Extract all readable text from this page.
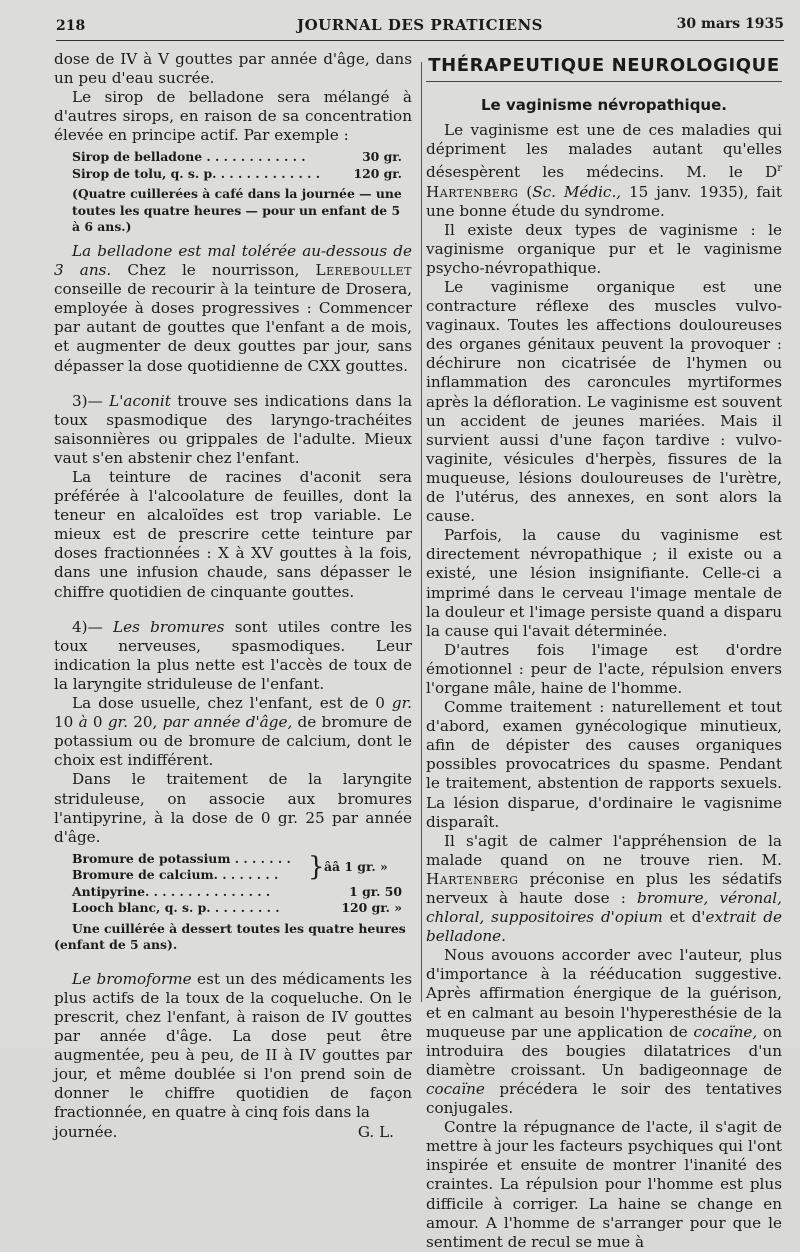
218	JOURNAL DES PRATICIENS	30 mars 1935

dose de IV à V gouttes par année d'âge, dans un peu d'eau sucrée.

Le sirop de belladone sera mélangé à d'autres sirops, en raison de sa concentration élevée en principe actif. Par exemple :

Sirop de belladone . . . . . . . . . . . .	30 gr.
Sirop de tolu, q. s. p. . . . . . . . . . . . .	120 gr.

(Quatre cuillerées à café dans la journée — une toutes les quatre heures — pour un enfant de 5 à 6 ans.)

La belladone est mal tolérée au-dessous de 3 ans. Chez le nourrisson, Lereboullet conseille de recourir à la teinture de Drosera, employée à doses progressives : Commencer par autant de gouttes que l'enfant a de mois, et augmenter de deux gouttes par jour, sans dépasser la dose quotidienne de CXX gouttes.

3)— L'aconit trouve ses indications dans la toux spasmodique des laryngo-trachéites saisonnières ou grippales de l'adulte. Mieux vaut s'en abstenir chez l'enfant.

La teinture de racines d'aconit sera préférée à l'alcoolature de feuilles, dont la teneur en alcaloïdes est trop variable. Le mieux est de prescrire cette teinture par doses fractionnées : X à XV gouttes à la fois, dans une infusion chaude, sans dépasser le chiffre quotidien de cinquante gouttes.

4)— Les bromures sont utiles contre les toux nerveuses, spasmodiques. Leur indication la plus nette est l'accès de toux de la laryngite striduleuse de l'enfant.

La dose usuelle, chez l'enfant, est de 0 gr. 10 à 0 gr. 20, par année d'âge, de bromure de potassium ou de bromure de calcium, dont le choix est indifférent.

Dans le traitement de la laryngite striduleuse, on associe aux bromures l'antipyrine, à la dose de 0 gr. 25 par année d'âge.

Bromure de potassium . . . . . . .
Bromure de calcium. . . . . . . .	} ââ 1 gr. »
Antipyrine. . . . . . . . . . . . . . .	1 gr. 50
Looch blanc, q. s. p. . . . . . . . .	120 gr. »

Une cuillérée à dessert toutes les quatre heures (enfant de 5 ans).

Le bromoforme est un des médicaments les plus actifs de la toux de la coqueluche. On le prescrit, chez l'enfant, à raison de IV gouttes par année d'âge. La dose peut être augmentée, peu à peu, de II à IV gouttes par jour, et même doublée si l'on prend soin de donner le chiffre quotidien de façon fractionnée, en quatre à cinq fois dans la

journée.	G. L.
THÉRAPEUTIQUE NEUROLOGIQUE
Le vaginisme névropathique.

Le vaginisme est une de ces maladies qui dépriment les malades autant qu'elles désespèrent les médecins. M. le $D^r$ Hartenberg (Sc. Médic., 15 janv. 1935), fait une bonne étude du syndrome.

Il existe deux types de vaginisme : le vaginisme organique pur et le vaginisme psycho-névropathique.

Le vaginisme organique est une contracture réflexe des muscles vulvo-vaginaux. Toutes les affections douloureuses des organes génitaux peuvent la provoquer : déchirure non cicatrisée de l'hymen ou inflammation des caroncules myrtiformes après la défloration. Le vaginisme est souvent un accident de jeunes mariées. Mais il survient aussi d'une façon tardive : vulvo-vaginite, vésicules d'herpès, fissures de la muqueuse, lésions douloureuses de l'urètre, de l'utérus, des annexes, en sont alors la cause.

Parfois, la cause du vaginisme est directement névropathique ; il existe ou a existé, une lésion insignifiante. Celle-ci a imprimé dans le cerveau l'image mentale de la douleur et l'image persiste quand a disparu la cause qui l'avait déterminée.

D'autres fois l'image est d'ordre émotionnel : peur de l'acte, répulsion envers l'organe mâle, haine de l'homme.

Comme traitement : naturellement et tout d'abord, examen gynécologique minutieux, afin de dépister des causes organiques possibles provocatrices du spasme. Pendant le traitement, abstention de rapports sexuels. La lésion disparue, d'ordinaire le vagisnime disparaît.

Il s'agit de calmer l'appréhension de la malade quand on ne trouve rien. M. Hartenberg préconise en plus les sédatifs nerveux à haute dose : bromure, véronal, chloral, suppositoires d'opium et d'extrait de belladone.

Nous avouons accorder avec l'auteur, plus d'importance à la rééducation suggestive. Après affirmation énergique de la guérison, et en calmant au besoin l'hyperesthésie de la muqueuse par une application de cocaïne, on introduira des bougies dilatatrices d'un diamètre croissant. Un badigeonnage de cocaïne précédera le soir des tentatives conjugales.

Contre la répugnance de l'acte, il s'agit de mettre à jour les facteurs psychiques qui l'ont inspirée et ensuite de montrer l'inanité des craintes. La répulsion pour l'homme est plus difficile à corriger. La haine se change en amour. A l'homme de s'arranger pour que le sentiment de recul se mue à
